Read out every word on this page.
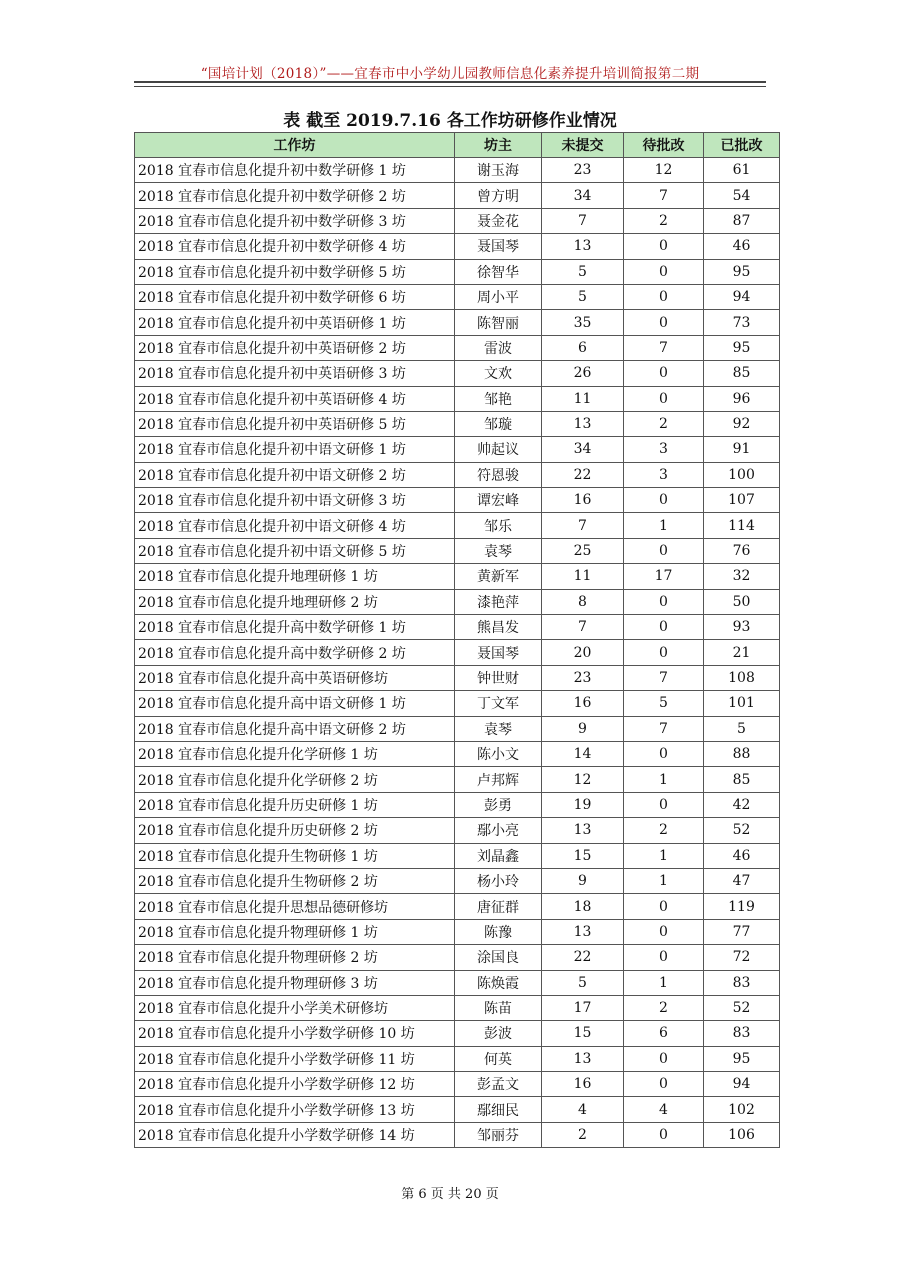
“国培计划（2018）”——宜春市中小学幼儿园教师信息化素养提升培训简报第二期
表 截至 2019.7.16 各工作坊研修作业情况
工作坊	坊主	未提交	待批改	已批改
2018 宜春市信息化提升初中数学研修 1 坊	谢玉海	23	12	61
2018 宜春市信息化提升初中数学研修 2 坊	曾方明	34	7	54
2018 宜春市信息化提升初中数学研修 3 坊	聂金花	7	2	87
2018 宜春市信息化提升初中数学研修 4 坊	聂国琴	13	0	46
2018 宜春市信息化提升初中数学研修 5 坊	徐智华	5	0	95
2018 宜春市信息化提升初中数学研修 6 坊	周小平	5	0	94
2018 宜春市信息化提升初中英语研修 1 坊	陈智丽	35	0	73
2018 宜春市信息化提升初中英语研修 2 坊	雷波	6	7	95
2018 宜春市信息化提升初中英语研修 3 坊	文欢	26	0	85
2018 宜春市信息化提升初中英语研修 4 坊	邹艳	11	0	96
2018 宜春市信息化提升初中英语研修 5 坊	邹璇	13	2	92
2018 宜春市信息化提升初中语文研修 1 坊	帅起议	34	3	91
2018 宜春市信息化提升初中语文研修 2 坊	符恩骏	22	3	100
2018 宜春市信息化提升初中语文研修 3 坊	谭宏峰	16	0	107
2018 宜春市信息化提升初中语文研修 4 坊	邹乐	7	1	114
2018 宜春市信息化提升初中语文研修 5 坊	袁琴	25	0	76
2018 宜春市信息化提升地理研修 1 坊	黄新军	11	17	32
2018 宜春市信息化提升地理研修 2 坊	漆艳萍	8	0	50
2018 宜春市信息化提升高中数学研修 1 坊	熊昌发	7	0	93
2018 宜春市信息化提升高中数学研修 2 坊	聂国琴	20	0	21
2018 宜春市信息化提升高中英语研修坊	钟世财	23	7	108
2018 宜春市信息化提升高中语文研修 1 坊	丁文军	16	5	101
2018 宜春市信息化提升高中语文研修 2 坊	袁琴	9	7	5
2018 宜春市信息化提升化学研修 1 坊	陈小文	14	0	88
2018 宜春市信息化提升化学研修 2 坊	卢邦辉	12	1	85
2018 宜春市信息化提升历史研修 1 坊	彭勇	19	0	42
2018 宜春市信息化提升历史研修 2 坊	鄢小亮	13	2	52
2018 宜春市信息化提升生物研修 1 坊	刘晶鑫	15	1	46
2018 宜春市信息化提升生物研修 2 坊	杨小玲	9	1	47
2018 宜春市信息化提升思想品德研修坊	唐征群	18	0	119
2018 宜春市信息化提升物理研修 1 坊	陈豫	13	0	77
2018 宜春市信息化提升物理研修 2 坊	涂国良	22	0	72
2018 宜春市信息化提升物理研修 3 坊	陈焕霞	5	1	83
2018 宜春市信息化提升小学美术研修坊	陈苗	17	2	52
2018 宜春市信息化提升小学数学研修 10 坊	彭波	15	6	83
2018 宜春市信息化提升小学数学研修 11 坊	何英	13	0	95
2018 宜春市信息化提升小学数学研修 12 坊	彭孟文	16	0	94
2018 宜春市信息化提升小学数学研修 13 坊	鄢细民	4	4	102
2018 宜春市信息化提升小学数学研修 14 坊	邹丽芬	2	0	106
第 6 页 共 20 页
